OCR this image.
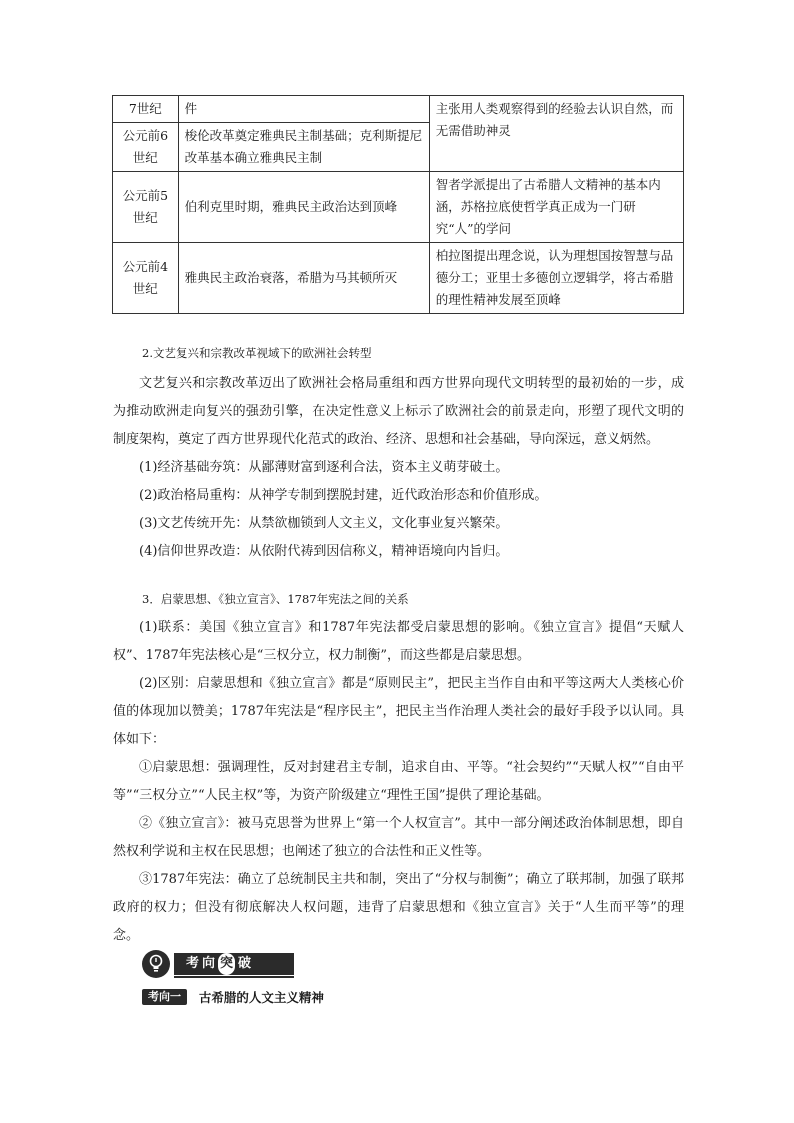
7世纪	件	主张用人类观察得到的经验去认识自然，而无需借助神灵
公元前6世纪	梭伦改革奠定雅典民主制基础；克利斯提尼改革基本确立雅典民主制	
公元前5世纪	伯利克里时期，雅典民主政治达到顶峰	智者学派提出了古希腊人文精神的基本内涵，苏格拉底使哲学真正成为一门研究“人”的学问
公元前4世纪	雅典民主政治衰落，希腊为马其顿所灭	柏拉图提出理念说，认为理想国按智慧与品德分工；亚里士多德创立逻辑学，将古希腊的理性精神发展至顶峰
2.文艺复兴和宗教改革视域下的欧洲社会转型

文艺复兴和宗教改革迈出了欧洲社会格局重组和西方世界向现代文明转型的最初始的一步，成为推动欧洲走向复兴的强劲引擎，在决定性意义上标示了欧洲社会的前景走向，形塑了现代文明的制度架构，奠定了西方世界现代化范式的政治、经济、思想和社会基础，导向深远，意义炳然。

(1)经济基础夯筑：从鄙薄财富到逐利合法，资本主义萌芽破土。

(2)政治格局重构：从神学专制到摆脱封建，近代政治形态和价值形成。

(3)文艺传统开先：从禁欲枷锁到人文主义，文化事业复兴繁荣。

(4)信仰世界改造：从依附代祷到因信称义，精神语境向内旨归。

3．启蒙思想、《独立宣言》、1787年宪法之间的关系

(1)联系：美国《独立宣言》和1787年宪法都受启蒙思想的影响。《独立宣言》提倡“天赋人权”、1787年宪法核心是“三权分立，权力制衡”，而这些都是启蒙思想。

(2)区别：启蒙思想和《独立宣言》都是“原则民主”，把民主当作自由和平等这两大人类核心价值的体现加以赞美；1787年宪法是“程序民主”，把民主当作治理人类社会的最好手段予以认同。具体如下：

①启蒙思想：强调理性，反对封建君主专制，追求自由、平等。“社会契约”“天赋人权”“自由平等”“三权分立”“人民主权”等，为资产阶级建立“理性王国”提供了理论基础。

②《独立宣言》：被马克思誉为世界上“第一个人权宣言”。其中一部分阐述政治体制思想，即自然权利学说和主权在民思想；也阐述了独立的合法性和正义性等。

③1787年宪法：确立了总统制民主共和制，突出了“分权与制衡”；确立了联邦制，加强了联邦政府的权力；但没有彻底解决人权问题，违背了启蒙思想和《独立宣言》关于“人生而平等”的理念。

考向 突 破
考向一 古希腊的人文主义精神
